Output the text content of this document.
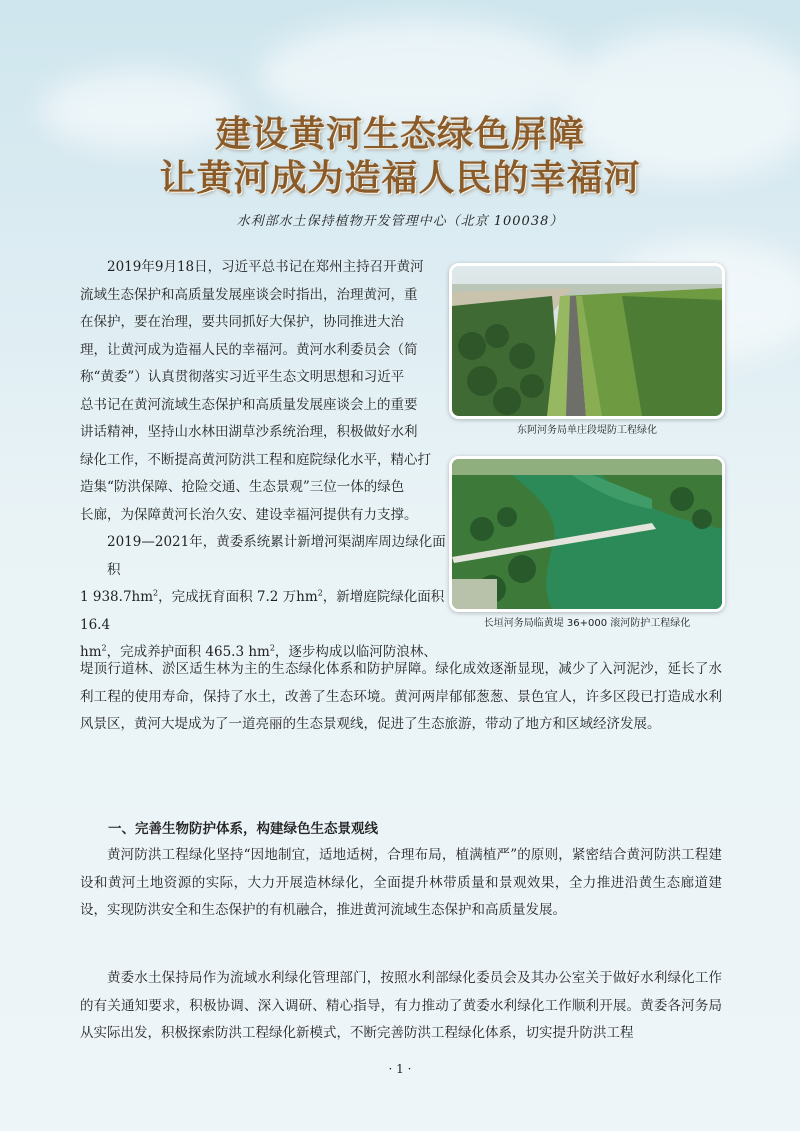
建设黄河生态绿色屏障
让黄河成为造福人民的幸福河
水利部水土保持植物开发管理中心（北京 100038）
2019年9月18日，习近平总书记在郑州主持召开黄河
流域生态保护和高质量发展座谈会时指出，治理黄河，重
在保护，要在治理，要共同抓好大保护，协同推进大治
理，让黄河成为造福人民的幸福河。黄河水利委员会（简
称“黄委”）认真贯彻落实习近平生态文明思想和习近平
总书记在黄河流域生态保护和高质量发展座谈会上的重要
讲话精神，坚持山水林田湖草沙系统治理，积极做好水利
绿化工作，不断提高黄河防洪工程和庭院绿化水平，精心打
造集“防洪保障、抢险交通、生态景观”三位一体的绿色
长廊，为保障黄河长治久安、建设幸福河提供有力支撑。
2019—2021年，黄委系统累计新增河渠湖库周边绿化面积
1 $938.7hm^2$，完成抚育面积 7.2 万$hm^2$，新增庭院绿化面积16.4
$hm^2$，完成养护面积 465.3 $hm^2$，逐步构成以临河防浪林、

堤顶行道林、淤区适生林为主的生态绿化体系和防护屏障。绿化成效逐渐显现，减少了入河泥沙，延长了水利工程的使用寿命，保持了水土，改善了生态环境。黄河两岸郁郁葱葱、景色宜人，许多区段已打造成水利风景区，黄河大堤成为了一道亮丽的生态景观线，促进了生态旅游，带动了地方和区域经济发展。

东阿河务局单庄段堤防工程绿化
长垣河务局临黄堤 36+000 滚河防护工程绿化
一、完善生物防护体系，构建绿色生态景观线

黄河防洪工程绿化坚持“因地制宜，适地适树，合理布局，植满植严”的原则，紧密结合黄河防洪工程建设和黄河土地资源的实际，大力开展造林绿化，全面提升林带质量和景观效果，全力推进沿黄生态廊道建设，实现防洪安全和生态保护的有机融合，推进黄河流域生态保护和高质量发展。

黄委水土保持局作为流域水利绿化管理部门，按照水利部绿化委员会及其办公室关于做好水利绿化工作的有关通知要求，积极协调、深入调研、精心指导，有力推动了黄委水利绿化工作顺利开展。黄委各河务局从实际出发，积极探索防洪工程绿化新模式，不断完善防洪工程绿化体系，切实提升防洪工程

· 1 ·
